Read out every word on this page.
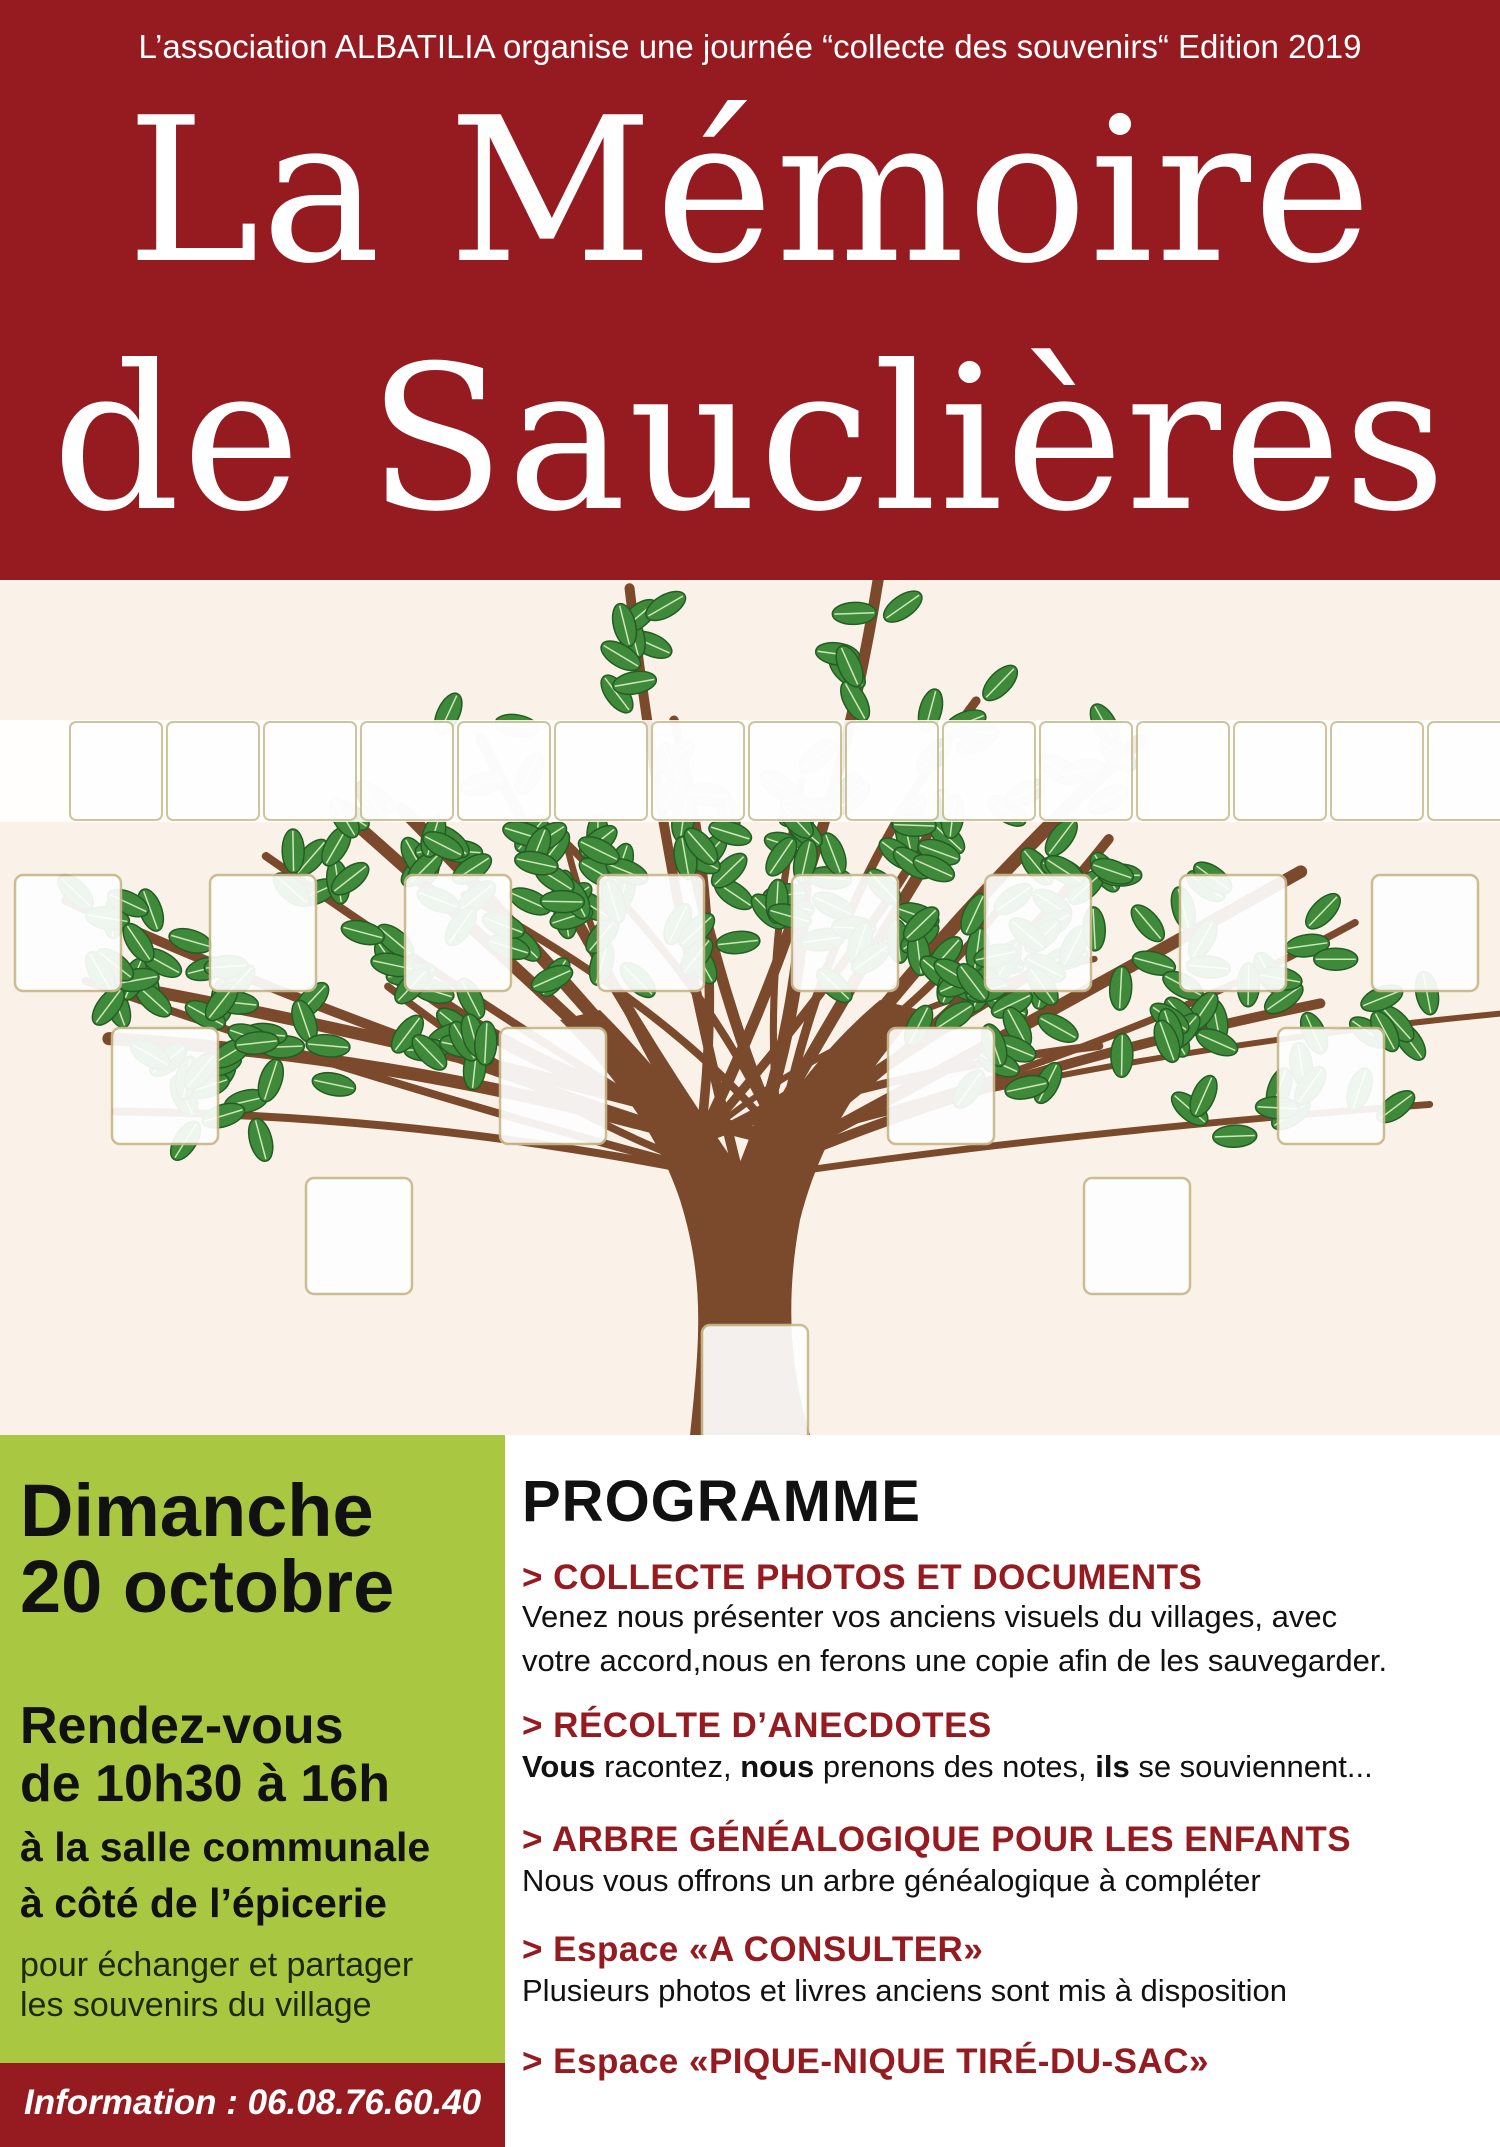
L’association ALBATILIA organise une journée “collecte des souvenirs“ Edition 2019
La Mémoire
de Sauclières
Dimanche
20 octobre
Rendez-vous
de 10h30 à 16h
à la salle communale
à côté de l’épicerie
pour échanger et partager
les souvenirs du village
Information : 06.08.76.60.40
PROGRAMME
> COLLECTE PHOTOS ET DOCUMENTS
Venez nous présenter vos anciens visuels du villages, avec
votre accord,nous en ferons une copie afin de les sauvegarder.
> RÉCOLTE D’ANECDOTES
Vous racontez, nous prenons des notes, ils se souviennent...
> ARBRE GÉNÉALOGIQUE POUR LES ENFANTS
Nous vous offrons un arbre généalogique à compléter
> Espace «A CONSULTER»
Plusieurs photos et livres anciens sont mis à disposition
> Espace «PIQUE-NIQUE TIRÉ-DU-SAC»
